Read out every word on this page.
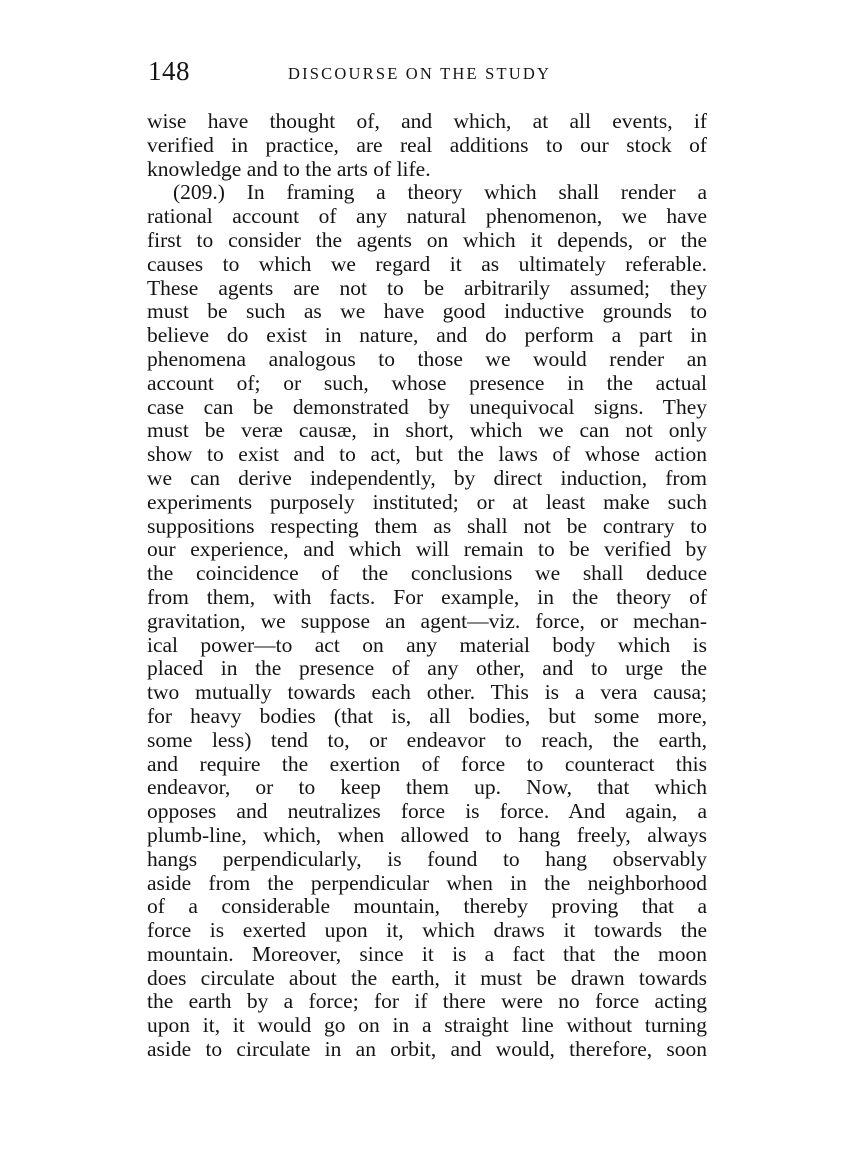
148	DISCOURSE ON THE STUDY
wise have thought of, and which, at all events, if
verified in practice, are real additions to our stock of
knowledge and to the arts of life.
(209.) In framing a theory which shall render a
rational account of any natural phenomenon, we have
first to consider the agents on which it depends, or the
causes to which we regard it as ultimately referable.
These agents are not to be arbitrarily assumed; they
must be such as we have good inductive grounds to
believe do exist in nature, and do perform a part in
phenomena analogous to those we would render an
account of; or such, whose presence in the actual
case can be demonstrated by unequivocal signs. They
must be veræ causæ, in short, which we can not only
show to exist and to act, but the laws of whose action
we can derive independently, by direct induction, from
experiments purposely instituted; or at least make such
suppositions respecting them as shall not be contrary to
our experience, and which will remain to be verified by
the coincidence of the conclusions we shall deduce
from them, with facts. For example, in the theory of
gravitation, we suppose an agent—viz. force, or mechan-
ical power—to act on any material body which is
placed in the presence of any other, and to urge the
two mutually towards each other. This is a vera causa;
for heavy bodies (that is, all bodies, but some more,
some less) tend to, or endeavor to reach, the earth,
and require the exertion of force to counteract this
endeavor, or to keep them up. Now, that which
opposes and neutralizes force is force. And again, a
plumb-line, which, when allowed to hang freely, always
hangs perpendicularly, is found to hang observably
aside from the perpendicular when in the neighborhood
of a considerable mountain, thereby proving that a
force is exerted upon it, which draws it towards the
mountain. Moreover, since it is a fact that the moon
does circulate about the earth, it must be drawn towards
the earth by a force; for if there were no force acting
upon it, it would go on in a straight line without turning
aside to circulate in an orbit, and would, therefore, soon
